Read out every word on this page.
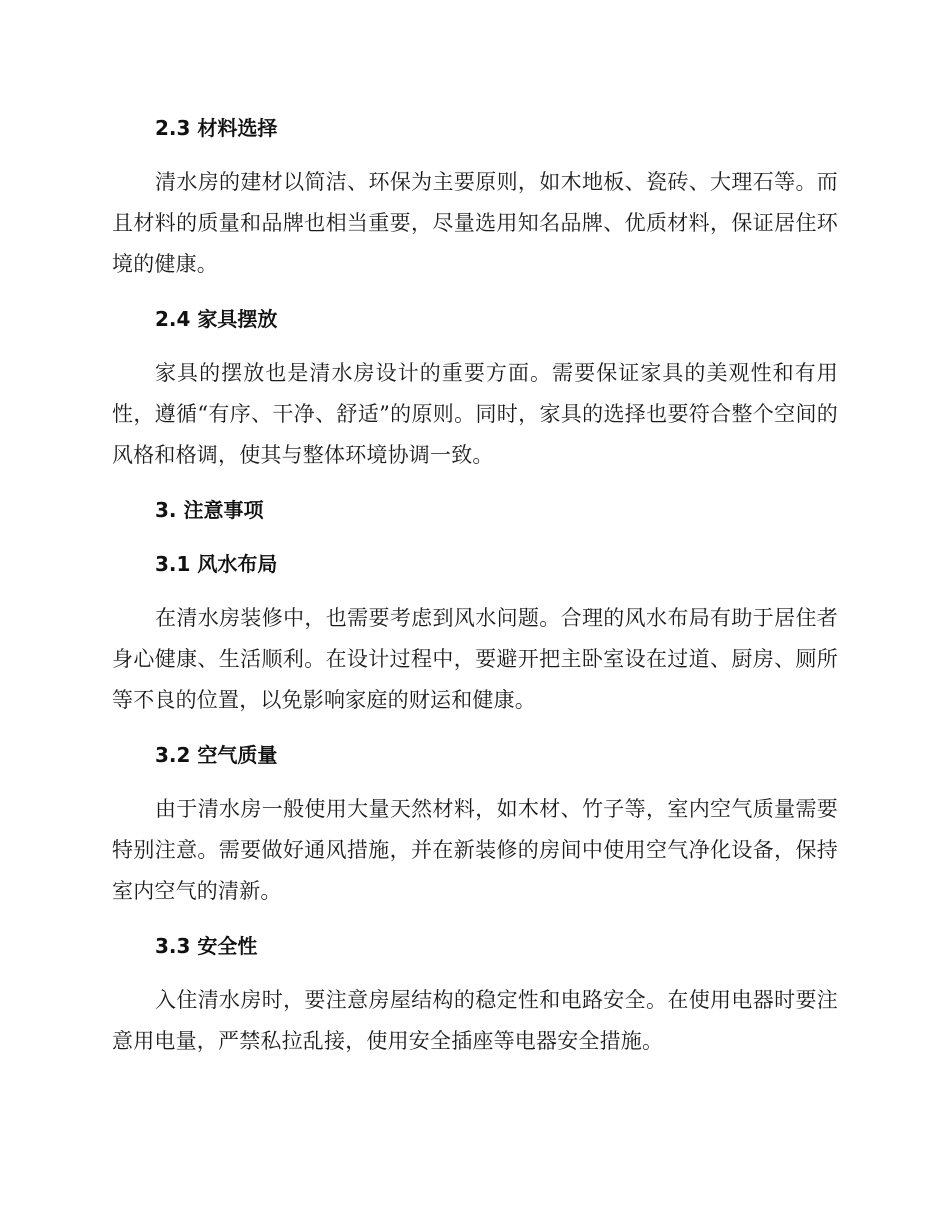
2.3 材料选择

清水房的建材以简洁、环保为主要原则，如木地板、瓷砖、大理石等。而且材料的质量和品牌也相当重要，尽量选用知名品牌、优质材料，保证居住环境的健康。

2.4 家具摆放

家具的摆放也是清水房设计的重要方面。需要保证家具的美观性和有用性，遵循“有序、干净、舒适”的原则。同时，家具的选择也要符合整个空间的风格和格调，使其与整体环境协调一致。

3. 注意事项
3.1 风水布局

在清水房装修中，也需要考虑到风水问题。合理的风水布局有助于居住者身心健康、生活顺利。在设计过程中，要避开把主卧室设在过道、厨房、厕所等不良的位置，以免影响家庭的财运和健康。

3.2 空气质量

由于清水房一般使用大量天然材料，如木材、竹子等，室内空气质量需要特别注意。需要做好通风措施，并在新装修的房间中使用空气净化设备，保持室内空气的清新。

3.3 安全性

入住清水房时，要注意房屋结构的稳定性和电路安全。在使用电器时要注意用电量，严禁私拉乱接，使用安全插座等电器安全措施。
